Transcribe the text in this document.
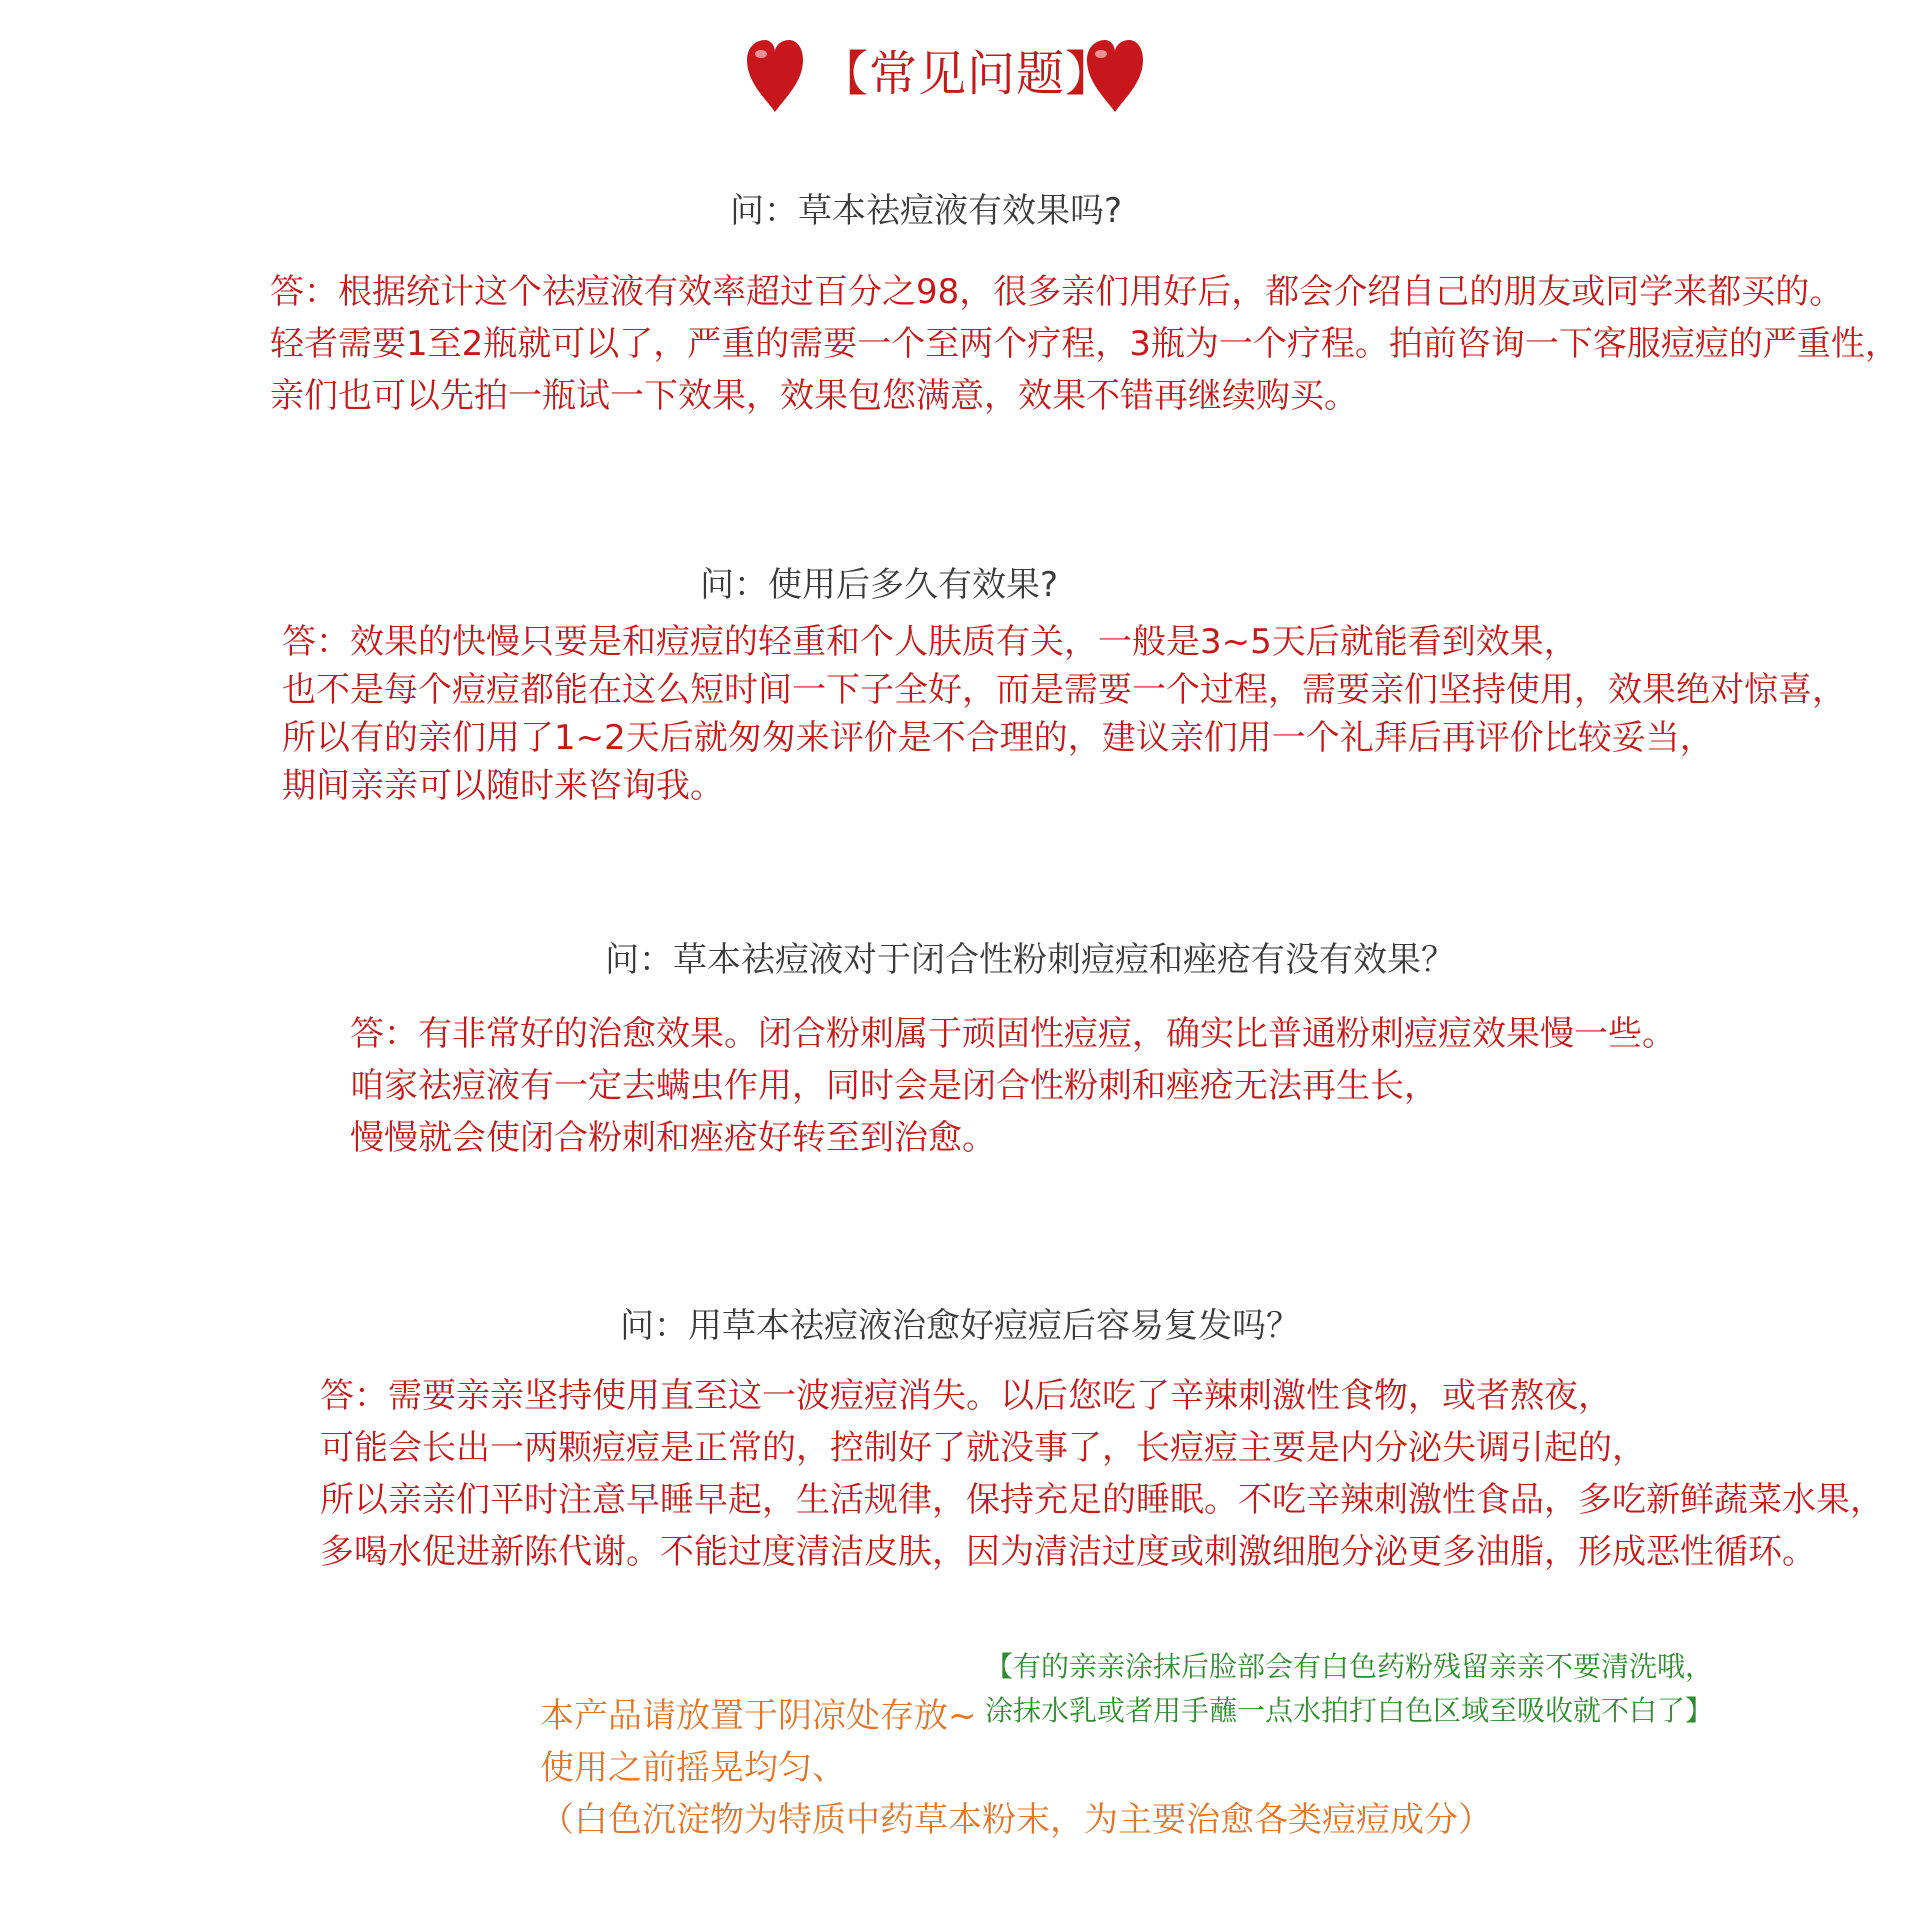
【常见问题】
问：草本祛痘液有效果吗?
答：根据统计这个祛痘液有效率超过百分之98，很多亲们用好后，都会介绍自己的朋友或同学来都买的。
轻者需要1至2瓶就可以了，严重的需要一个至两个疗程，3瓶为一个疗程。拍前咨询一下客服痘痘的严重性，
亲们也可以先拍一瓶试一下效果，效果包您满意，效果不错再继续购买。
问：使用后多久有效果?
答：效果的快慢只要是和痘痘的轻重和个人肤质有关，一般是3~5天后就能看到效果，
也不是每个痘痘都能在这么短时间一下子全好，而是需要一个过程，需要亲们坚持使用，效果绝对惊喜，
所以有的亲们用了1~2天后就匆匆来评价是不合理的，建议亲们用一个礼拜后再评价比较妥当，
期间亲亲可以随时来咨询我。
问：草本祛痘液对于闭合性粉刺痘痘和痤疮有没有效果？
答：有非常好的治愈效果。闭合粉刺属于顽固性痘痘，确实比普通粉刺痘痘效果慢一些。
咱家祛痘液有一定去螨虫作用，同时会是闭合性粉刺和痤疮无法再生长，
慢慢就会使闭合粉刺和痤疮好转至到治愈。
问：用草本祛痘液治愈好痘痘后容易复发吗？
答：需要亲亲坚持使用直至这一波痘痘消失。以后您吃了辛辣刺激性食物，或者熬夜，
可能会长出一两颗痘痘是正常的，控制好了就没事了，长痘痘主要是内分泌失调引起的，
所以亲亲们平时注意早睡早起，生活规律，保持充足的睡眠。不吃辛辣刺激性食品，多吃新鲜蔬菜水果，
多喝水促进新陈代谢。不能过度清洁皮肤，因为清洁过度或刺激细胞分泌更多油脂，形成恶性循环。
【有的亲亲涂抹后脸部会有白色药粉残留亲亲不要清洗哦，
涂抹水乳或者用手蘸一点水拍打白色区域至吸收就不白了】
本产品请放置于阴凉处存放~
使用之前摇晃均匀、
（白色沉淀物为特质中药草本粉末，为主要治愈各类痘痘成分）
